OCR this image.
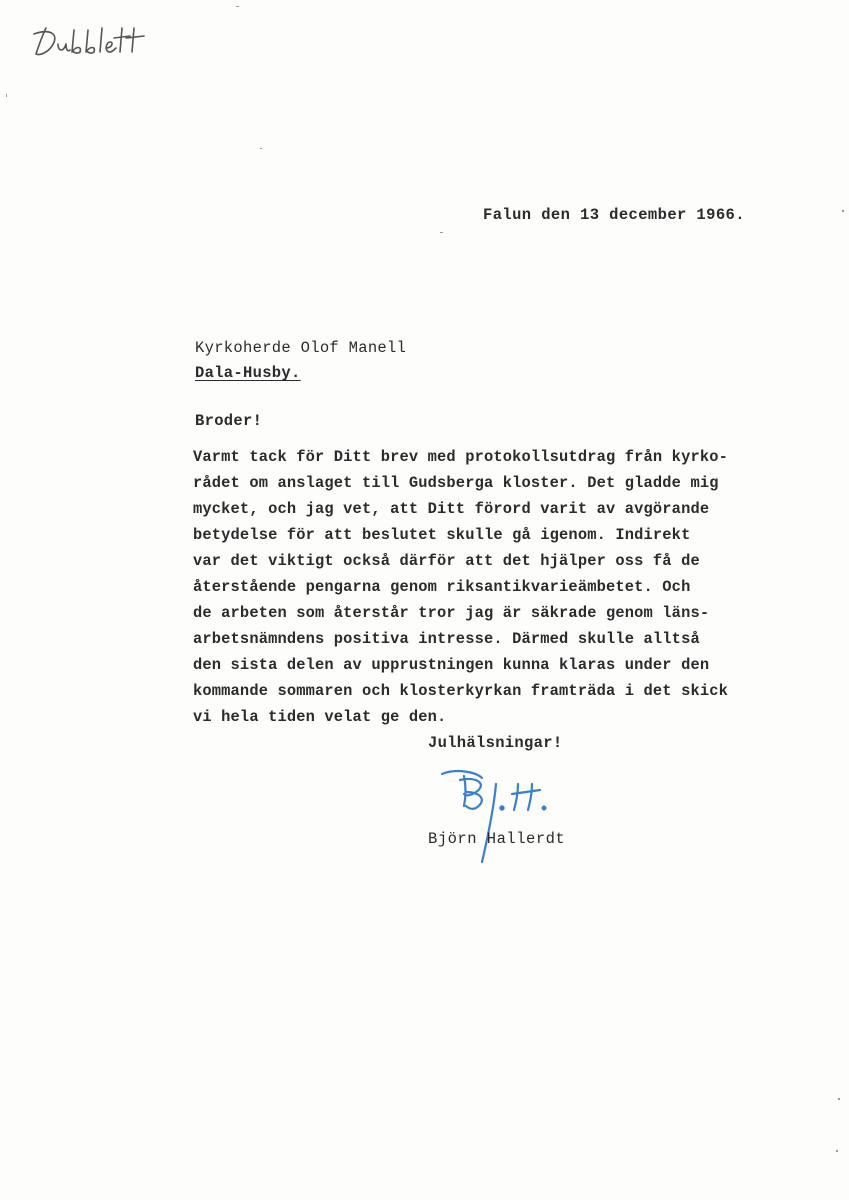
Falun den 13 december 1966.
Kyrkoherde Olof Manell
Dala-Husby.
Broder!
Varmt tack för Ditt brev med protokollsutdrag från kyrko-
rådet om anslaget till Gudsberga kloster. Det gladde mig
mycket, och jag vet, att Ditt förord varit av avgörande
betydelse för att beslutet skulle gå igenom. Indirekt
var det viktigt också därför att det hjälper oss få de
återstående pengarna genom riksantikvarieämbetet. Och
de arbeten som återstår tror jag är säkrade genom läns-
arbetsnämndens positiva intresse. Därmed skulle alltså
den sista delen av upprustningen kunna klaras under den
kommande sommaren och klosterkyrkan framträda i det skick
vi hela tiden velat ge den.
Julhälsningar!
Björn Hallerdt
